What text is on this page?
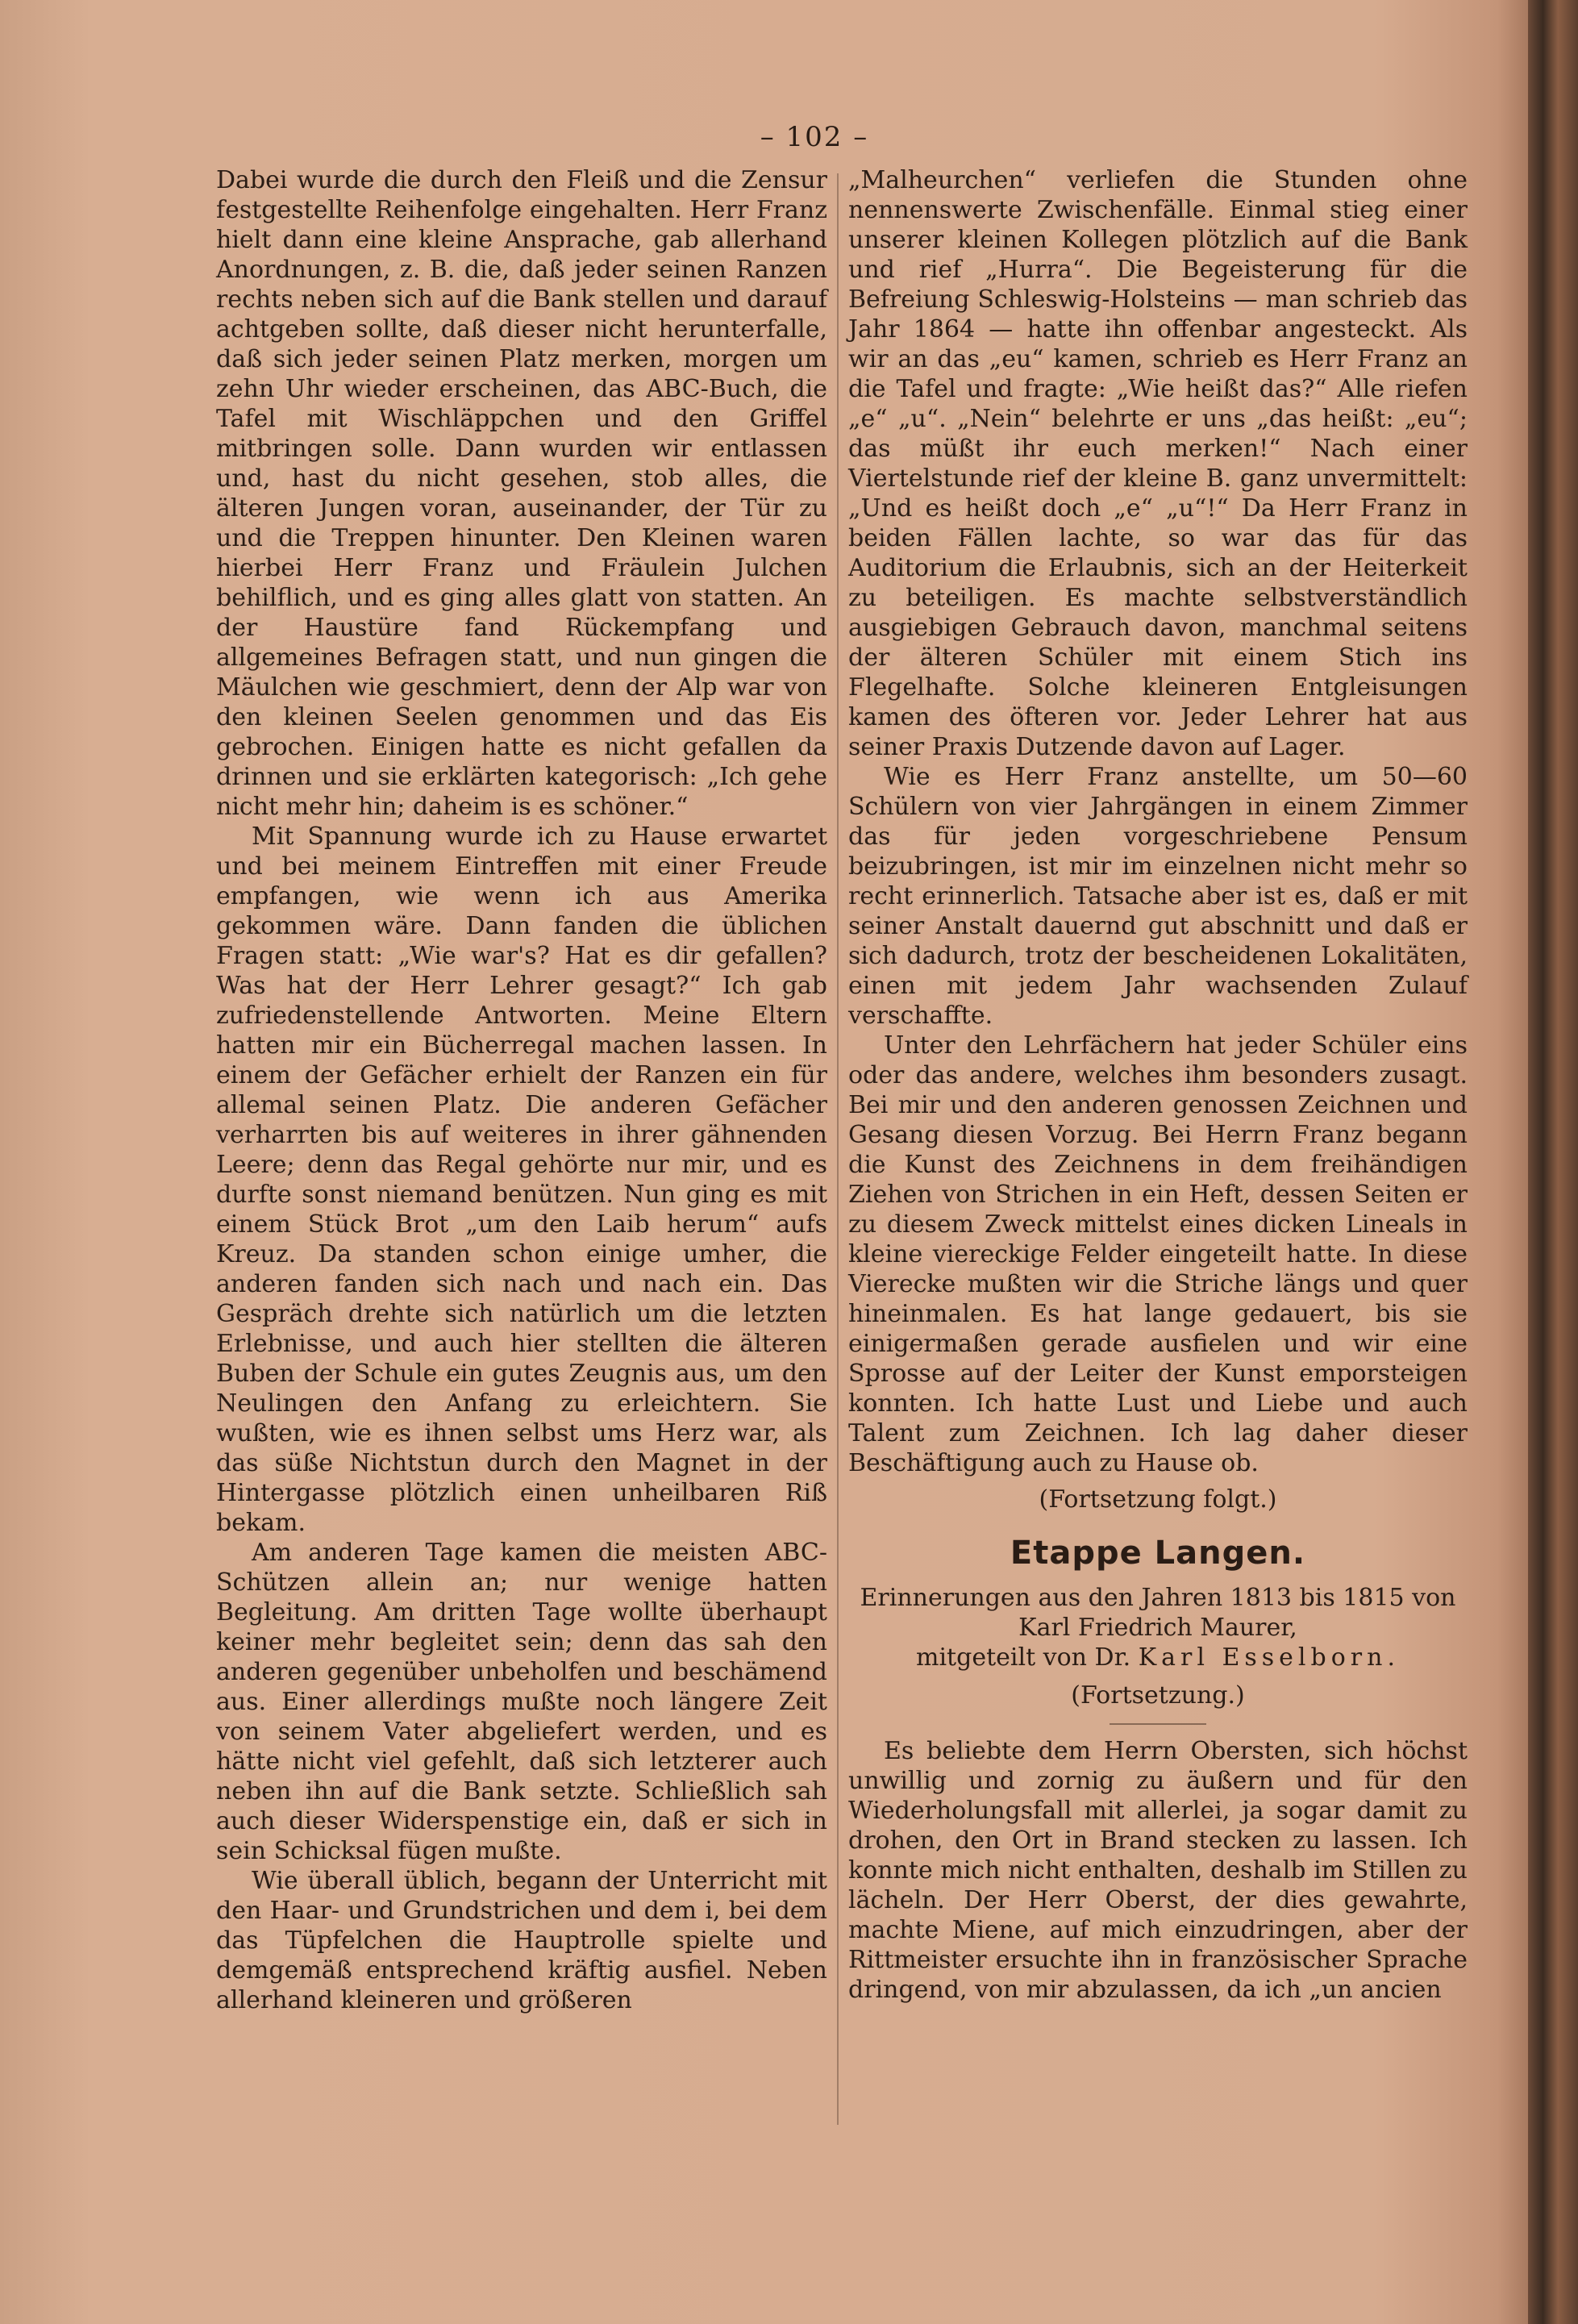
– 102 –

Dabei wurde die durch den Fleiß und die Zensur festgestellte Reihenfolge eingehalten. Herr Franz hielt dann eine kleine Ansprache, gab allerhand Anordnungen, z. B. die, daß jeder seinen Ranzen rechts neben sich auf die Bank stellen und darauf achtgeben sollte, daß dieser nicht herunterfalle, daß sich jeder seinen Platz merken, morgen um zehn Uhr wieder erscheinen, das ABC-Buch, die Tafel mit Wischläppchen und den Griffel mitbringen solle. Dann wurden wir entlassen und, hast du nicht gesehen, stob alles, die älteren Jungen voran, auseinander, der Tür zu und die Treppen hinunter. Den Kleinen waren hierbei Herr Franz und Fräulein Julchen behilflich, und es ging alles glatt von statten. An der Haustüre fand Rückempfang und allgemeines Befragen statt, und nun gingen die Mäulchen wie geschmiert, denn der Alp war von den kleinen Seelen genommen und das Eis gebrochen. Einigen hatte es nicht gefallen da drinnen und sie erklärten kategorisch: „Ich gehe nicht mehr hin; daheim is es schöner.“

Mit Spannung wurde ich zu Hause erwartet und bei meinem Eintreffen mit einer Freude empfangen, wie wenn ich aus Amerika gekommen wäre. Dann fanden die üblichen Fragen statt: „Wie war's? Hat es dir gefallen? Was hat der Herr Lehrer gesagt?“ Ich gab zufriedenstellende Antworten. Meine Eltern hatten mir ein Bücherregal machen lassen. In einem der Gefächer erhielt der Ranzen ein für allemal seinen Platz. Die anderen Gefächer verharrten bis auf weiteres in ihrer gähnenden Leere; denn das Regal gehörte nur mir, und es durfte sonst niemand benützen. Nun ging es mit einem Stück Brot „um den Laib herum“ aufs Kreuz. Da standen schon einige umher, die anderen fanden sich nach und nach ein. Das Gespräch drehte sich natürlich um die letzten Erlebnisse, und auch hier stellten die älteren Buben der Schule ein gutes Zeugnis aus, um den Neulingen den Anfang zu erleichtern. Sie wußten, wie es ihnen selbst ums Herz war, als das süße Nichtstun durch den Magnet in der Hintergasse plötzlich einen unheilbaren Riß bekam.

Am anderen Tage kamen die meisten ABC-Schützen allein an; nur wenige hatten Begleitung. Am dritten Tage wollte überhaupt keiner mehr begleitet sein; denn das sah den anderen gegenüber unbeholfen und beschämend aus. Einer allerdings mußte noch längere Zeit von seinem Vater abgeliefert werden, und es hätte nicht viel gefehlt, daß sich letzterer auch neben ihn auf die Bank setzte. Schließlich sah auch dieser Widerspenstige ein, daß er sich in sein Schicksal fügen mußte.

Wie überall üblich, begann der Unterricht mit den Haar- und Grundstrichen und dem i, bei dem das Tüpfelchen die Hauptrolle spielte und demgemäß entsprechend kräftig ausfiel. Neben allerhand kleineren und größeren

„Malheurchen“ verliefen die Stunden ohne nennenswerte Zwischenfälle. Einmal stieg einer unserer kleinen Kollegen plötzlich auf die Bank und rief „Hurra“. Die Begeisterung für die Befreiung Schleswig-Holsteins — man schrieb das Jahr 1864 — hatte ihn offenbar angesteckt. Als wir an das „eu“ kamen, schrieb es Herr Franz an die Tafel und fragte: „Wie heißt das?“ Alle riefen „e“ „u“. „Nein“ belehrte er uns „das heißt: „eu“; das müßt ihr euch merken!“ Nach einer Viertelstunde rief der kleine B. ganz unvermittelt: „Und es heißt doch „e“ „u“!“ Da Herr Franz in beiden Fällen lachte, so war das für das Auditorium die Erlaubnis, sich an der Heiterkeit zu beteiligen. Es machte selbstverständlich ausgiebigen Gebrauch davon, manchmal seitens der älteren Schüler mit einem Stich ins Flegelhafte. Solche kleineren Entgleisungen kamen des öfteren vor. Jeder Lehrer hat aus seiner Praxis Dutzende davon auf Lager.

Wie es Herr Franz anstellte, um 50—60 Schülern von vier Jahrgängen in einem Zimmer das für jeden vorgeschriebene Pensum beizubringen, ist mir im einzelnen nicht mehr so recht erinnerlich. Tatsache aber ist es, daß er mit seiner Anstalt dauernd gut abschnitt und daß er sich dadurch, trotz der bescheidenen Lokalitäten, einen mit jedem Jahr wachsenden Zulauf verschaffte.

Unter den Lehrfächern hat jeder Schüler eins oder das andere, welches ihm besonders zusagt. Bei mir und den anderen genossen Zeichnen und Gesang diesen Vorzug. Bei Herrn Franz begann die Kunst des Zeichnens in dem freihändigen Ziehen von Strichen in ein Heft, dessen Seiten er zu diesem Zweck mittelst eines dicken Lineals in kleine viereckige Felder eingeteilt hatte. In diese Vierecke mußten wir die Striche längs und quer hineinmalen. Es hat lange gedauert, bis sie einigermaßen gerade ausfielen und wir eine Sprosse auf der Leiter der Kunst emporsteigen konnten. Ich hatte Lust und Liebe und auch Talent zum Zeichnen. Ich lag daher dieser Beschäftigung auch zu Hause ob.

(Fortsetzung folgt.)
Etappe Langen.

Erinnerungen aus den Jahren 1813 bis 1815 von Karl Friedrich Maurer,
mitgeteilt von Dr. Karl Esselborn.

(Fortsetzung.)

Es beliebte dem Herrn Obersten, sich höchst unwillig und zornig zu äußern und für den Wiederholungsfall mit allerlei, ja sogar damit zu drohen, den Ort in Brand stecken zu lassen. Ich konnte mich nicht enthalten, deshalb im Stillen zu lächeln. Der Herr Oberst, der dies gewahrte, machte Miene, auf mich einzudringen, aber der Rittmeister ersuchte ihn in französischer Sprache dringend, von mir abzulassen, da ich „un ancien
